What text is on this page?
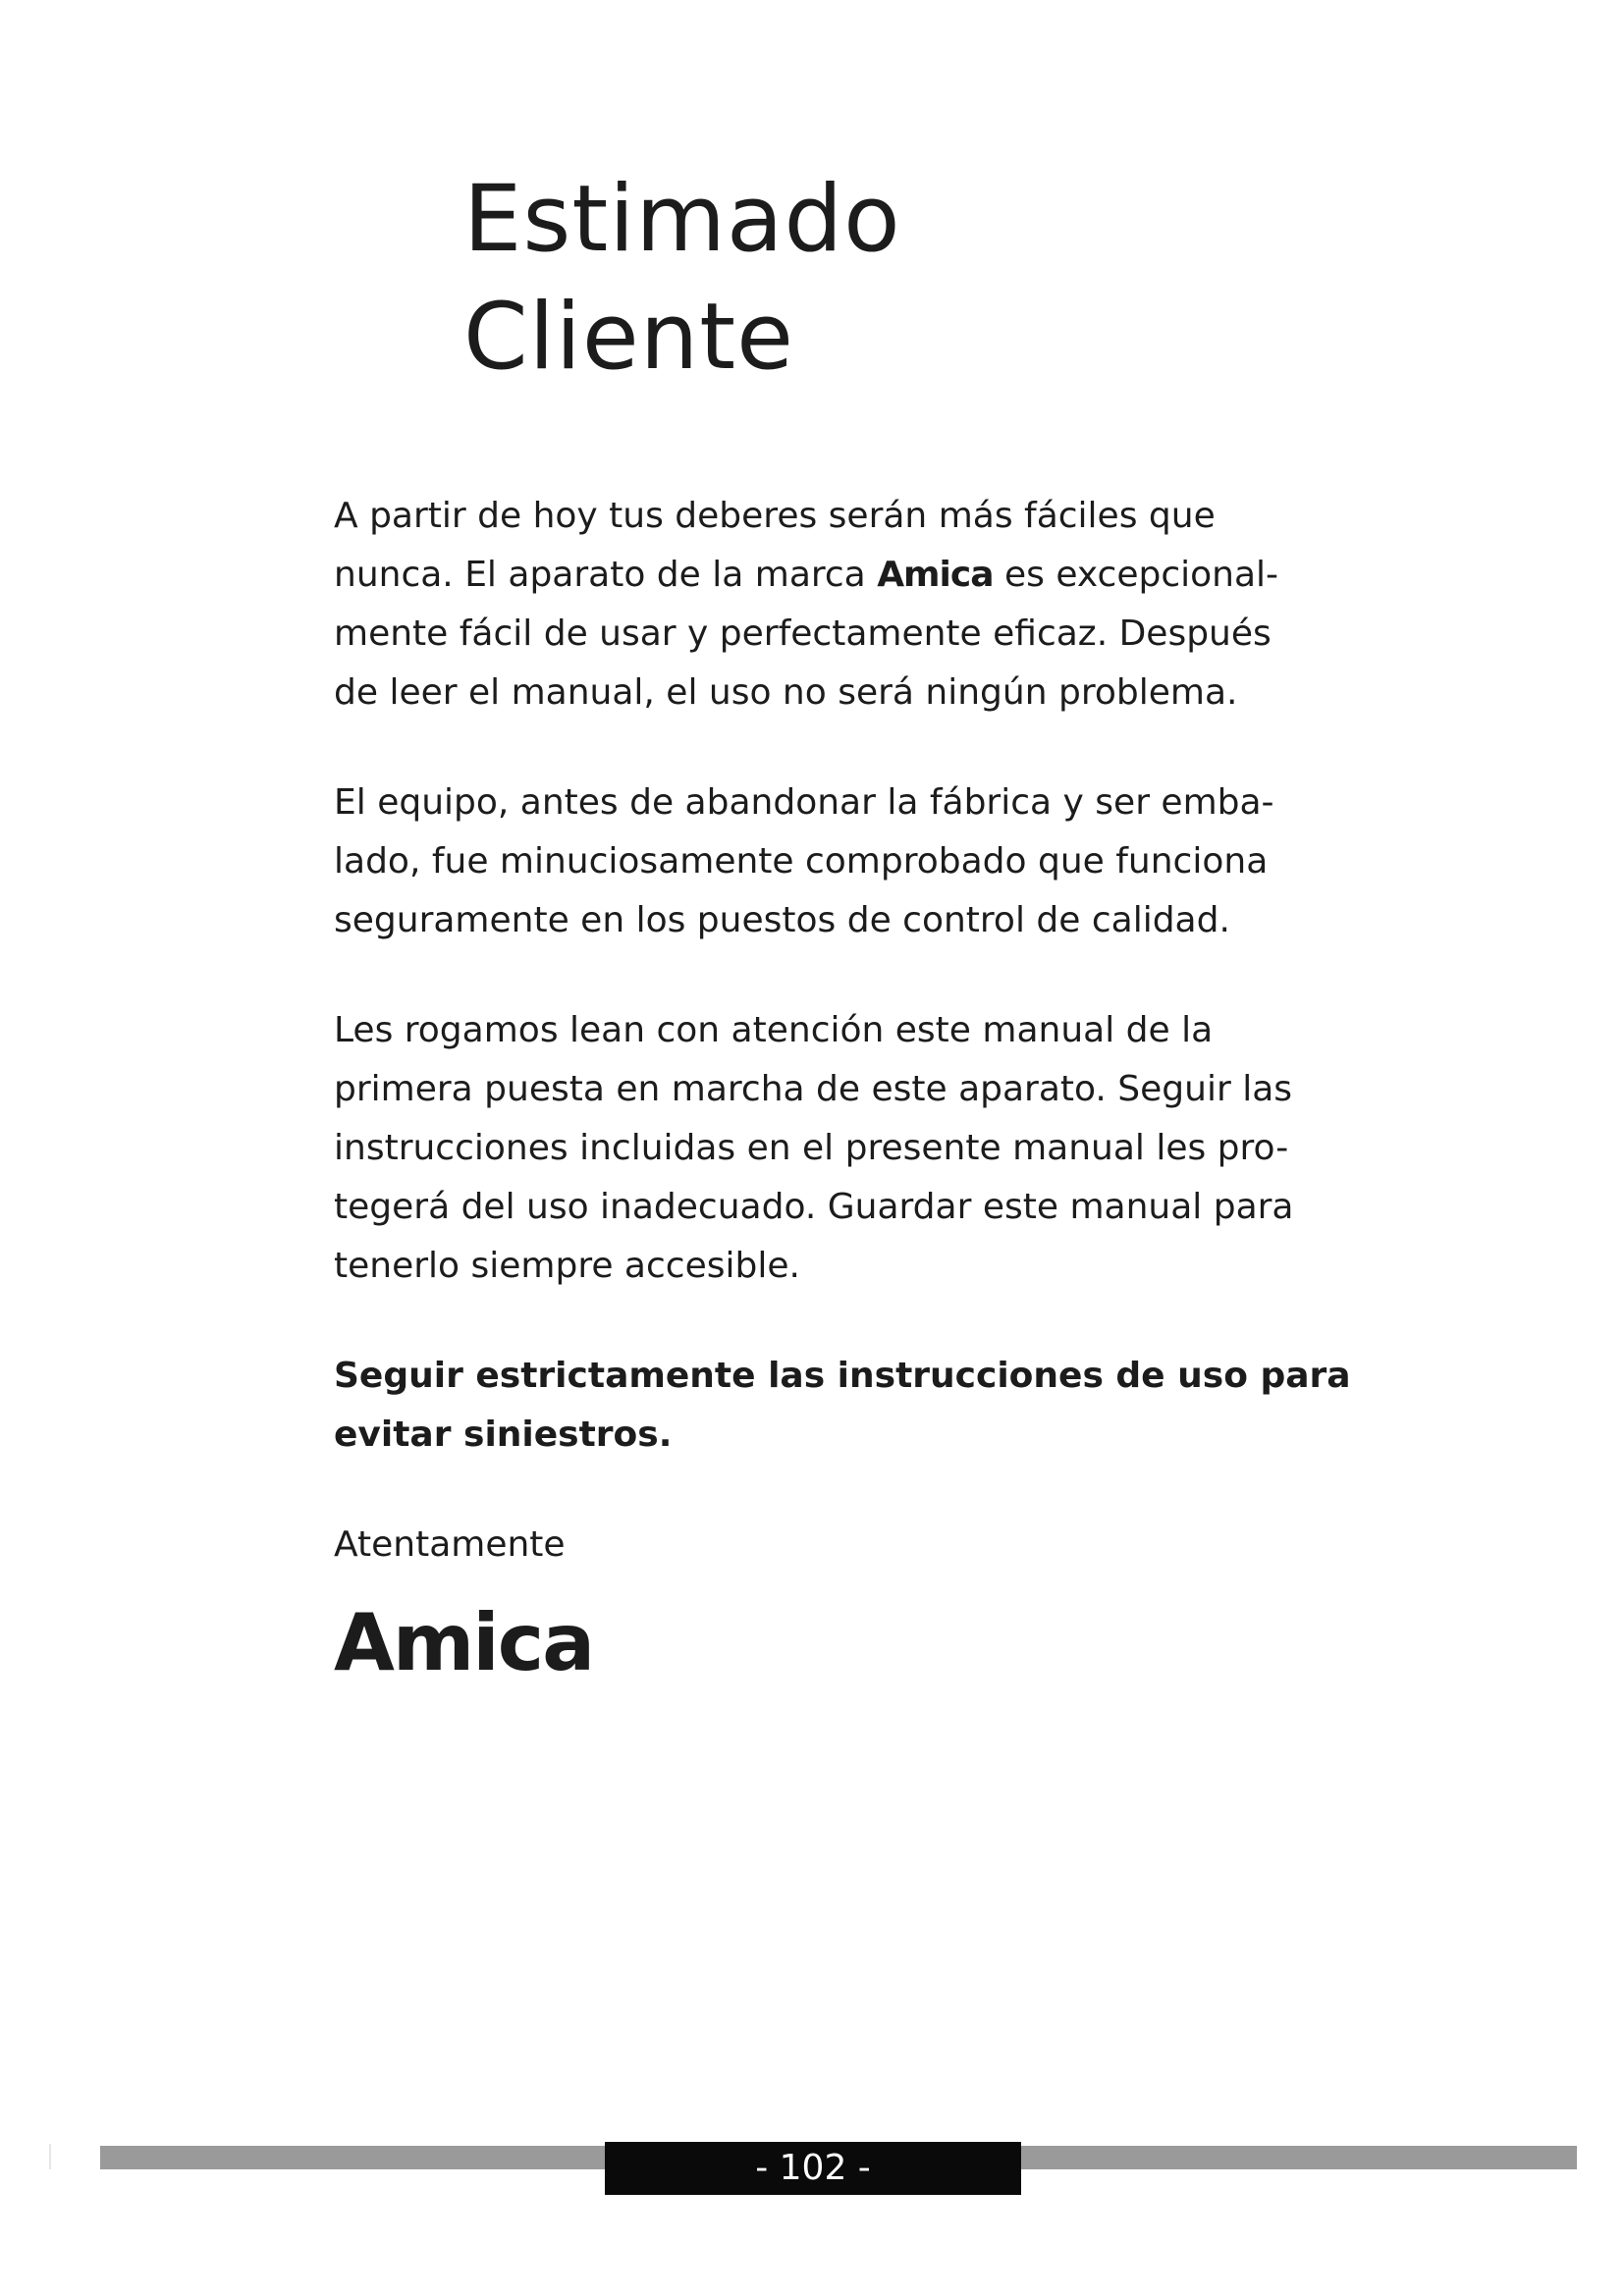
Estimado
Cliente

A partir de hoy tus deberes serán más fáciles que
nunca. El aparato de la marca Amica es excepcional-
mente fácil de usar y perfectamente eficaz. Después
de leer el manual, el uso no será ningún problema.

El equipo, antes de abandonar la fábrica y ser emba-
lado, fue minuciosamente comprobado que funciona
seguramente en los puestos de control de calidad.

Les rogamos lean con atención este manual de la
primera puesta en marcha de este aparato. Seguir las
instrucciones incluidas en el presente manual les pro-
tegerá del uso inadecuado. Guardar este manual para
tenerlo siempre accesible.

Seguir estrictamente las instrucciones de uso para
evitar siniestros.

Atentamente

Amica
- 102 -
